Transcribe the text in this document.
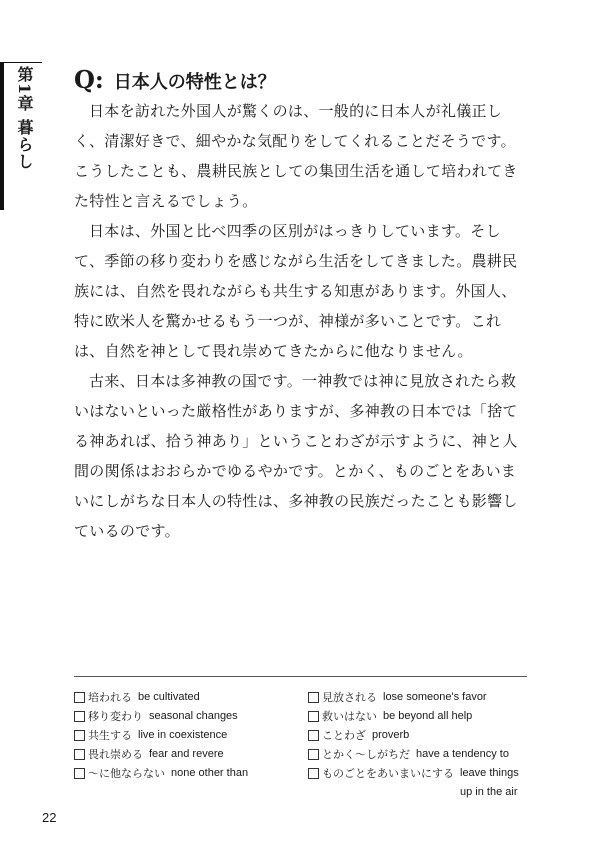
第1章 暮らし Q: 日本人の特性とは？

日本を訪れた外国人が驚くのは、一般的に日本人が礼儀正しく、清潔好きで、細やかな気配りをしてくれることだそうです。こうしたことも、農耕民族としての集団生活を通して培われてきた特性と言えるでしょう。

日本は、外国と比べ四季の区別がはっきりしています。そして、季節の移り変わりを感じながら生活をしてきました。農耕民族には、自然を畏れながらも共生する知恵があります。外国人、特に欧米人を驚かせるもう一つが、神様が多いことです。これは、自然を神として畏れ崇めてきたからに他なりません。

古来、日本は多神教の国です。一神教では神に見放されたら救いはないといった厳格性がありますが、多神教の日本では「捨てる神あれば、拾う神あり」ということわざが示すように、神と人間の関係はおおらかでゆるやかです。とかく、ものごとをあいまいにしがちな日本人の特性は、多神教の民族だったことも影響しているのです。

培われる be cultivated
移り変わり seasonal changes
共生する live in coexistence
畏れ崇める fear and revere
〜に他ならない none other than
見放される lose someone's favor
救いはない be beyond all help
ことわざ proverb
とかく〜しがちだ have a tendency to
ものごとをあいまいにする leave things up in the air
22
